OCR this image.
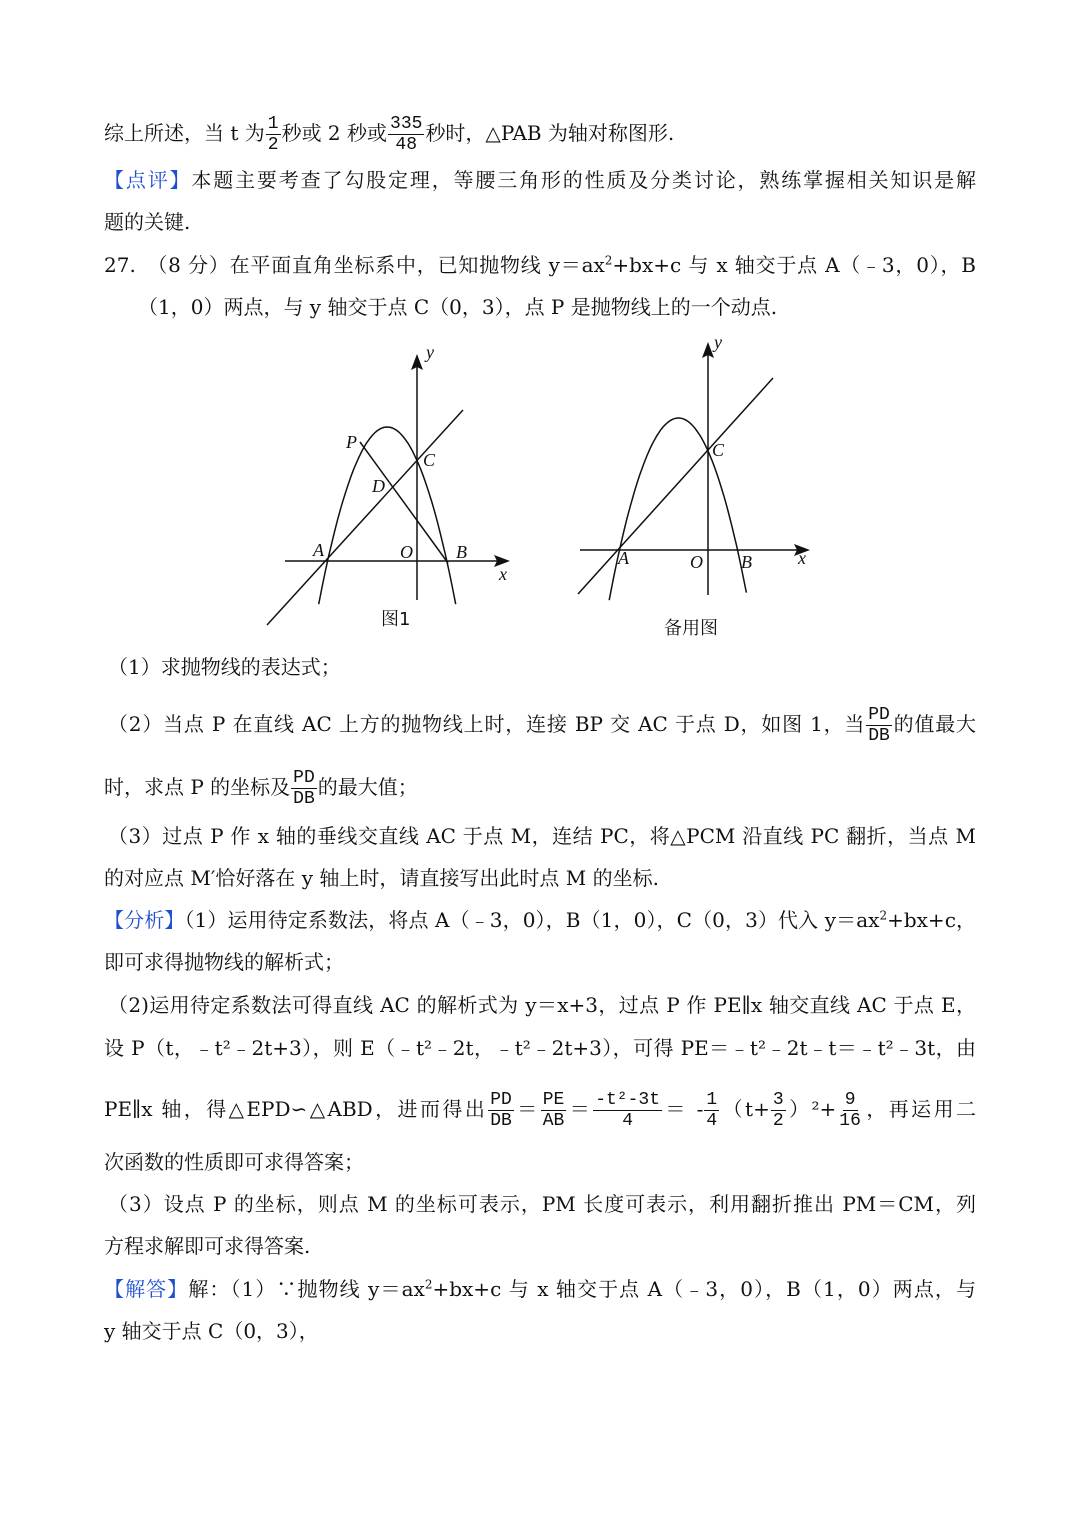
综上所述，当 t 为 $\frac{1}{2}$ 秒或 2 秒或 $\frac{335}{48}$ 秒时，△PAB 为轴对称图形.
【点评】本题主要考查了勾股定理，等腰三角形的性质及分类讨论，熟练掌握相关知识是解
题的关键.
27.　（8 分）在平面直角坐标系中，已知抛物线 $y=ax^2+bx+c$ 与 x 轴交于点 A（﹣3，0），B
（1，0）两点，与 y 轴交于点 C（0，3），点 P 是抛物线上的一个动点.
y
P
C
D
A	O B
x
图1
y
C
A	O B	x
备用图
（1）求抛物线的表达式；
（2）当点 P 在直线 AC 上方的抛物线上时，连接 BP 交 AC 于点 D，如图 1，当 $\frac{PD}{DB}$ 的值最大
时，求点 P 的坐标及 $\frac{PD}{DB}$ 的最大值；
（3）过点 P 作 x 轴的垂线交直线 AC 于点 M，连结 PC，将△PCM 沿直线 PC 翻折，当点 M
的对应点 M′恰好落在 y 轴上时，请直接写出此时点 M 的坐标.
【分析】（1）运用待定系数法，将点 A（﹣3，0），B（1，0），C（0，3）代入 $y=ax^2+bx+c$，
即可求得抛物线的解析式；
（2)运用待定系数法可得直线 AC 的解析式为 y＝x+3，过点 P 作 PE∥x 轴交直线 AC 于点 E，
设 P（t，﹣t²﹣2t+3），则 E（﹣t²﹣2t，﹣t²﹣2t+3），可得 PE＝﹣t²﹣2t﹣t＝﹣t²﹣3t，由
PE∥x 轴，得△EPD∽△ABD，进而得出 $\frac{PD}{DB} = \frac{PE}{AB} = \frac{\text{-t²-3t}}{4}$ ＝ - $\frac{1}{4} (t+ \frac{3}{2} )^2+ \frac{9}{16}$ ，再运用二
次函数的性质即可求得答案；
（3）设点 P 的坐标，则点 M 的坐标可表示，PM 长度可表示，利用翻折推出 PM＝CM，列
方程求解即可求得答案.
【解答】解：（1）∵抛物线 $y=ax^2+bx+c$ 与 x 轴交于点 A（﹣3，0），B（1，0）两点，与
y 轴交于点 C（0，3），
